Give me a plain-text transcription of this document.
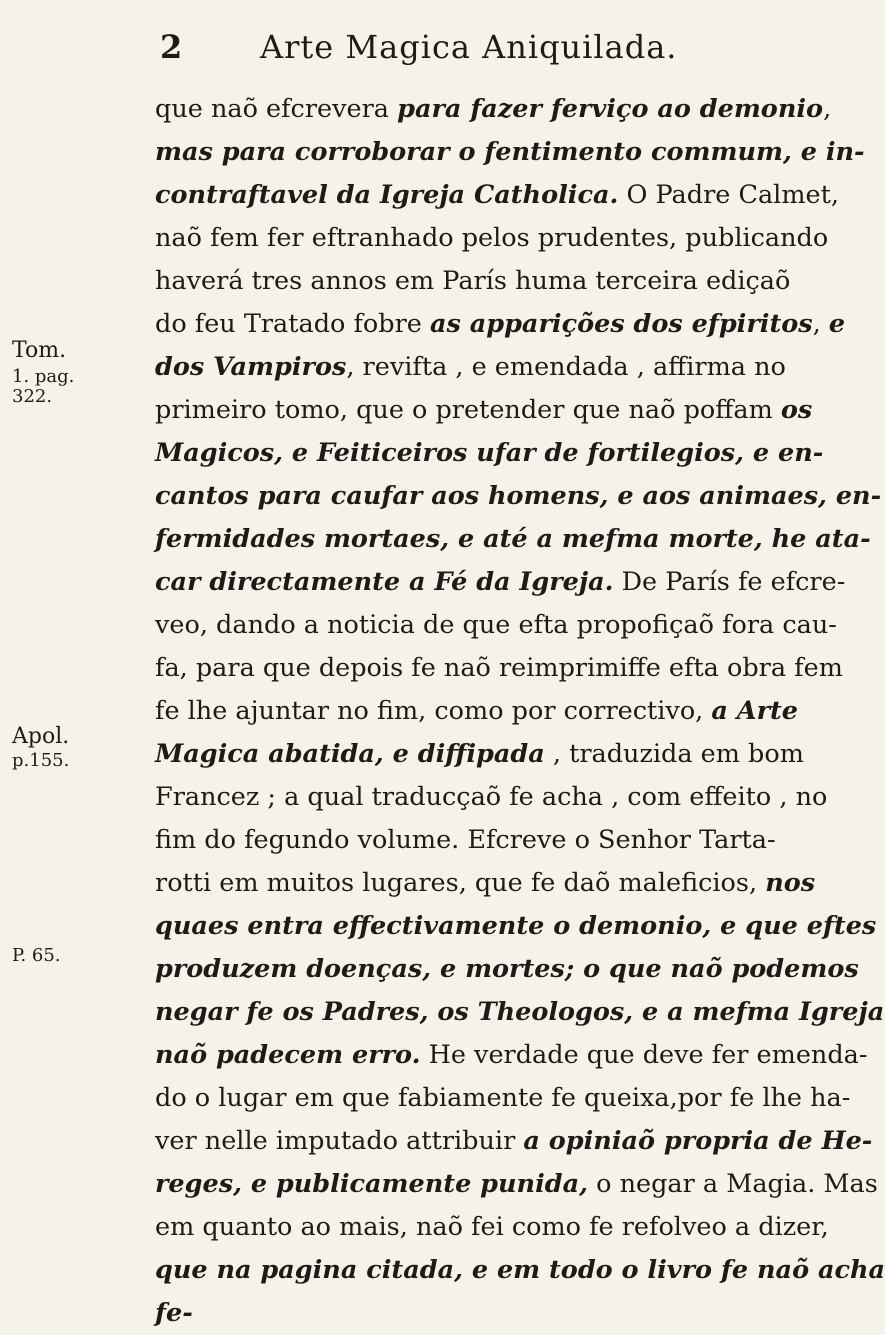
2 Arte Magica Aniquilada.
Tom.
1. pag.
322.
Apol.
p.155.
P. 65.
que naõ efcrevera para fazer ferviço ao demonio,
mas para corroborar o fentimento commum, e in-
contraftavel da Igreja Catholica. O Padre Calmet,
naõ fem fer eftranhado pelos prudentes, publicando
haverá tres annos em París huma terceira ediçaõ
do feu Tratado fobre as apparições dos efpiritos, e
dos Vampiros, revifta , e emendada , affirma no
primeiro tomo, que o pretender que naõ poffam os
Magicos, e Feiticeiros ufar de fortilegios, e en-
cantos para caufar aos homens, e aos animaes, en-
fermidades mortaes, e até a mefma morte, he ata-
car directamente a Fé da Igreja. De París fe efcre-
veo, dando a noticia de que efta propofiçaõ fora cau-
fa, para que depois fe naõ reimprimiffe efta obra fem
fe lhe ajuntar no fim, como por correctivo, a Arte
Magica abatida, e diffipada , traduzida em bom
Francez ; a qual traducçaõ fe acha , com effeito , no
fim do fegundo volume. Efcreve o Senhor Tarta-
rotti em muitos lugares, que fe daõ maleficios, nos
quaes entra effectivamente o demonio, e que eftes
produzem doenças, e mortes; o que naõ podemos
negar fe os Padres, os Theologos, e a mefma Igreja
naõ padecem erro. He verdade que deve fer emenda-
do o lugar em que fabiamente fe queixa,por fe lhe ha-
ver nelle imputado attribuir a opiniaõ propria de He-
reges, e publicamente punida, o negar a Magia. Mas
em quanto ao mais, naõ fei como fe refolveo a dizer,
que na pagina citada, e em todo o livro fe naõ acha
fe-
